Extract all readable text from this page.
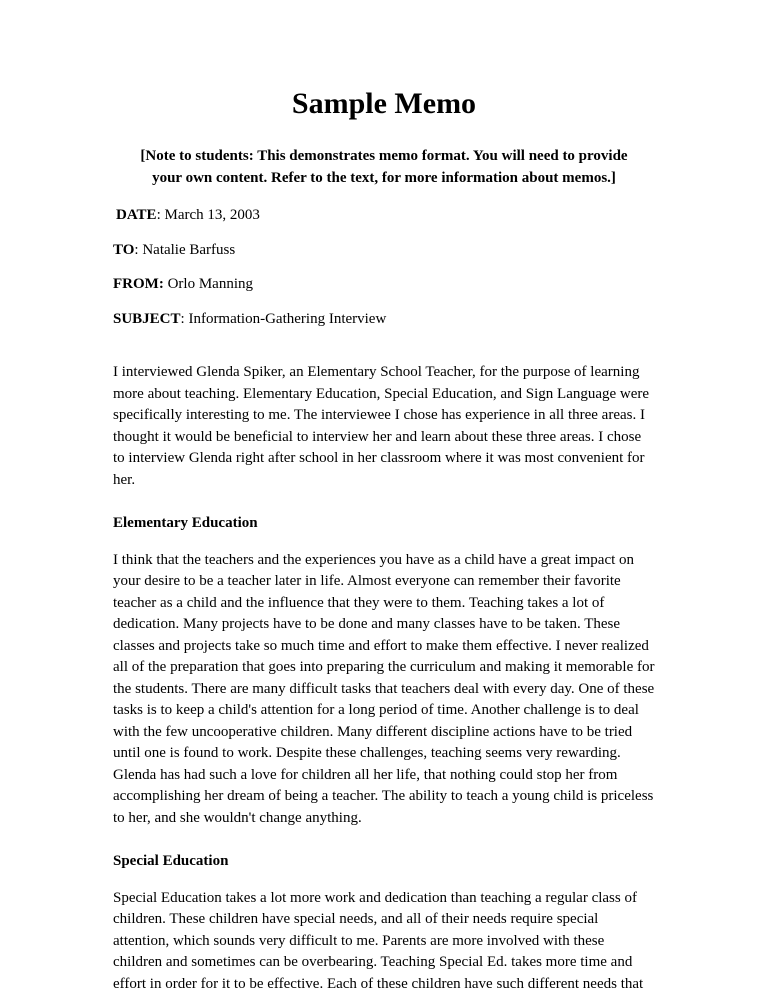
Sample Memo

[Note to students: This demonstrates memo format. You will need to provide your own content. Refer to the text, for more information about memos.]

DATE: March 13, 2003

TO: Natalie Barfuss

FROM: Orlo Manning

SUBJECT: Information-Gathering Interview

I interviewed Glenda Spiker, an Elementary School Teacher, for the purpose of learning more about teaching. Elementary Education, Special Education, and Sign Language were specifically interesting to me. The interviewee I chose has experience in all three areas. I thought it would be beneficial to interview her and learn about these three areas. I chose to interview Glenda right after school in her classroom where it was most convenient for her.

Elementary Education

I think that the teachers and the experiences you have as a child have a great impact on your desire to be a teacher later in life. Almost everyone can remember their favorite teacher as a child and the influence that they were to them. Teaching takes a lot of dedication. Many projects have to be done and many classes have to be taken. These classes and projects take so much time and effort to make them effective. I never realized all of the preparation that goes into preparing the curriculum and making it memorable for the students. There are many difficult tasks that teachers deal with every day. One of these tasks is to keep a child's attention for a long period of time. Another challenge is to deal with the few uncooperative children. Many different discipline actions have to be tried until one is found to work. Despite these challenges, teaching seems very rewarding. Glenda has had such a love for children all her life, that nothing could stop her from accomplishing her dream of being a teacher. The ability to teach a young child is priceless to her, and she wouldn't change anything.

Special Education

Special Education takes a lot more work and dedication than teaching a regular class of children. These children have special needs, and all of their needs require special attention, which sounds very difficult to me. Parents are more involved with these children and sometimes can be overbearing. Teaching Special Ed. takes more time and effort in order for it to be effective. Each of these children have such different needs that
